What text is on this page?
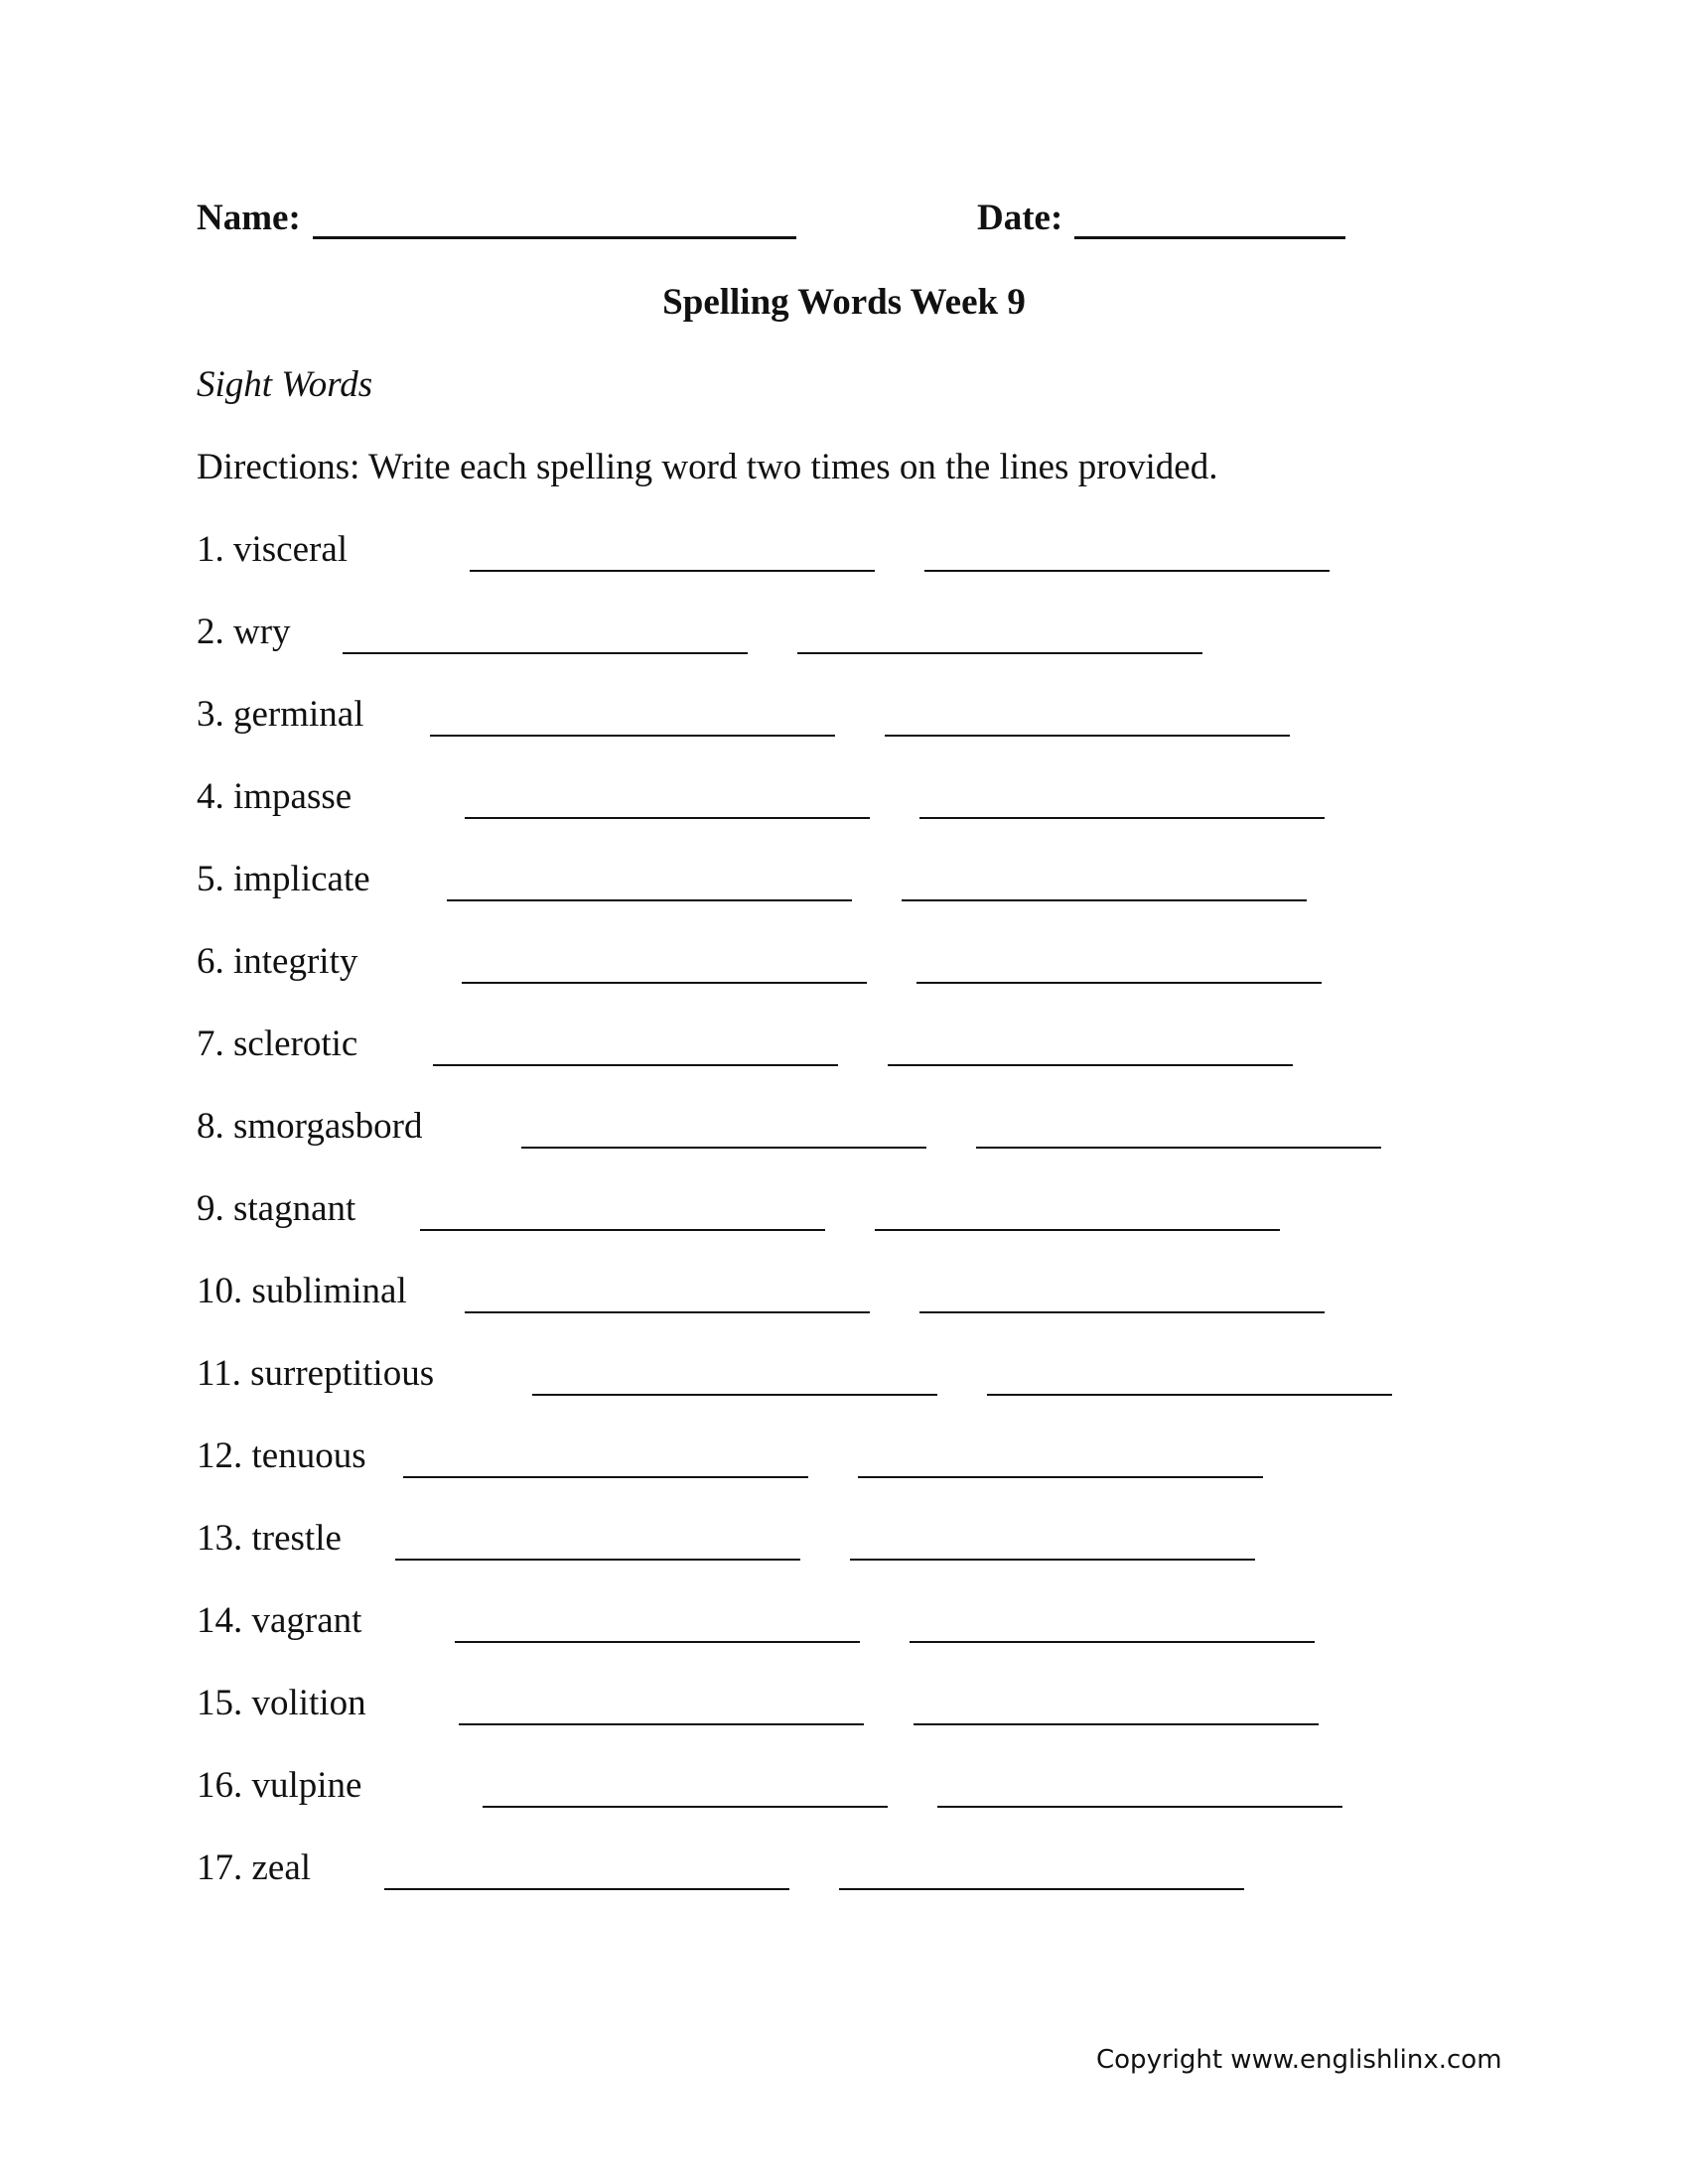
Name:	Date:
Spelling Words Week 9
Sight Words
Directions: Write each spelling word two times on the lines provided.
1. visceral
2. wry
3. germinal
4. impasse
5. implicate
6. integrity
7. sclerotic
8. smorgasbord
9. stagnant
10. subliminal
11. surreptitious
12. tenuous
13. trestle
14. vagrant
15. volition
16. vulpine
17. zeal
Copyright www.englishlinx.com
